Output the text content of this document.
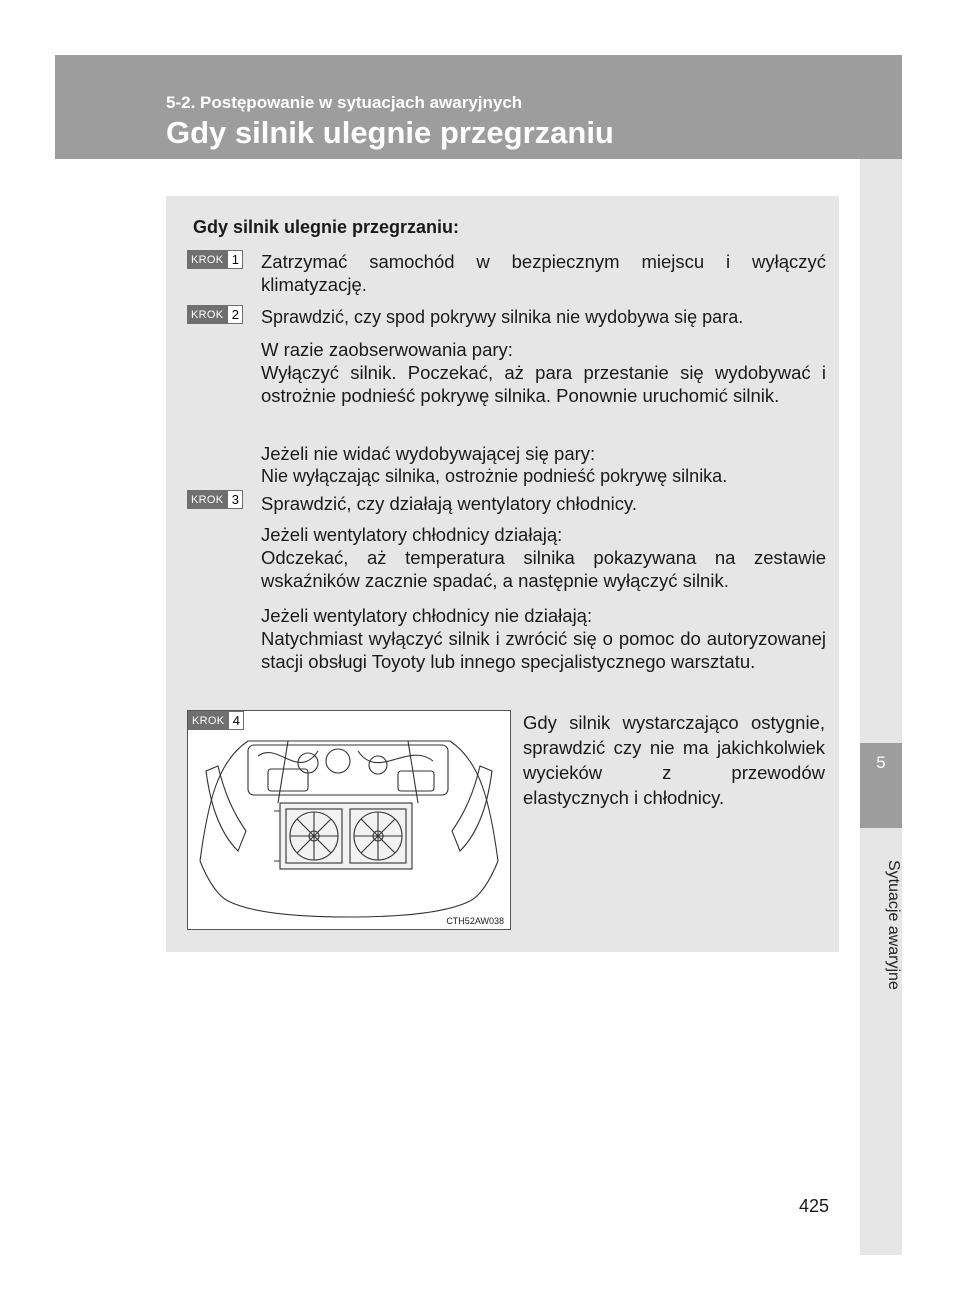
5-2. Postępowanie w sytuacjach awaryjnych
Gdy silnik ulegnie przegrzaniu
5
Sytuacje awaryjne
Gdy silnik ulegnie przegrzaniu:
KROK 1 Zatrzymać samochód w bezpiecznym miejscu i wyłączyć klimatyzację.
KROK 2 Sprawdzić, czy spod pokrywy silnika nie wydobywa się para.

W razie zaobserwowania pary:

Wyłączyć silnik. Poczekać, aż para przestanie się wydobywać i ostrożnie podnieść pokrywę silnika. Ponownie uruchomić silnik.

Jeżeli nie widać wydobywającej się pary:

Nie wyłączając silnika, ostrożnie podnieść pokrywę silnika.

KROK 3 Sprawdzić, czy działają wentylatory chłodnicy.

Jeżeli wentylatory chłodnicy działają:

Odczekać, aż temperatura silnika pokazywana na zestawie wskaźników zacznie spadać, a następnie wyłączyć silnik.

Jeżeli wentylatory chłodnicy nie działają:

Natychmiast wyłączyć silnik i zwrócić się o pomoc do autoryzowanej stacji obsługi Toyoty lub innego specjalistycznego warsztatu.

KROK 4
CTH52AW038
Gdy silnik wystarczająco ostygnie, sprawdzić czy nie ma jakichkolwiek wycieków z przewodów elastycznych i chłodnicy.
425
